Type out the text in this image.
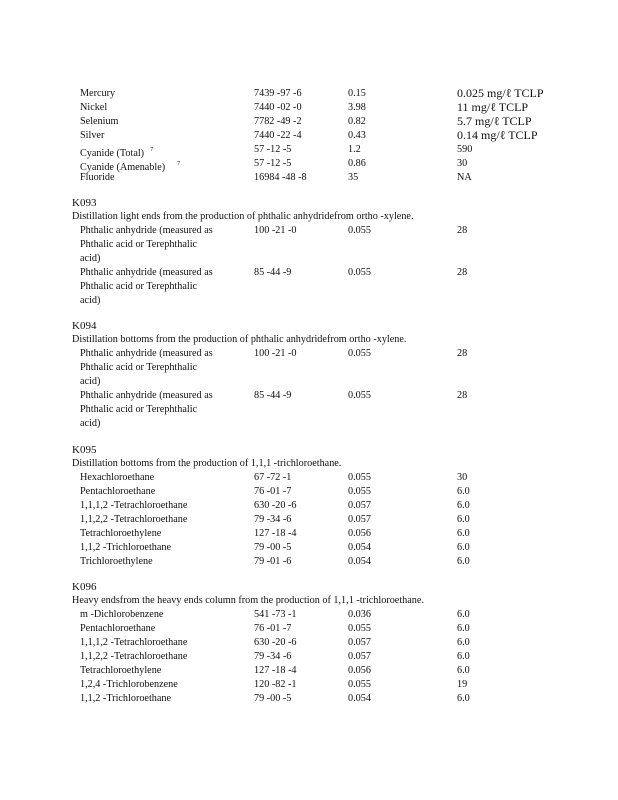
Mercury	7439 -97 -6	0.15	0.025 mg/ℓ TCLP
Nickel	7440 -02 -0	3.98	11 mg/ℓ TCLP
Selenium	7782 -49 -2	0.82	5.7 mg/ℓ TCLP
Silver	7440 -22 -4	0.43	0.14 mg/ℓ TCLP
Cyanide (Total) $^7$	57 -12 -5	1.2	590
Cyanide (Amenable) $^7$	57 -12 -5	0.86	30
Fluoride	16984 -48 -8	35	NA
K093
Distillation light ends from the production of phthalic anhydridefrom ortho -xylene.
Phthalic anhydride (measured as
Phthalic acid or Terephthalic
acid)
100 -21 -0	0.055	28
Phthalic anhydride (measured as
Phthalic acid or Terephthalic
acid)
85 -44 -9	0.055	28
K094
Distillation bottoms from the production of phthalic anhydridefrom ortho -xylene.
Phthalic anhydride (measured as
Phthalic acid or Terephthalic
acid)
100 -21 -0	0.055	28
Phthalic anhydride (measured as
Phthalic acid or Terephthalic
acid)
85 -44 -9	0.055	28
K095
Distillation bottoms from the production of 1,1,1 -trichloroethane.
Hexachloroethane	67 -72 -1	0.055	30
Pentachloroethane	76 -01 -7	0.055	6.0
1,1,1,2 -Tetrachloroethane	630 -20 -6	0.057	6.0
1,1,2,2 -Tetrachloroethane	79 -34 -6	0.057	6.0
Tetrachloroethylene	127 -18 -4	0.056	6.0
1,1,2 -Trichloroethane	79 -00 -5	0.054	6.0
Trichloroethylene	79 -01 -6	0.054	6.0
K096
Heavy endsfrom the heavy ends column from the production of 1,1,1 -trichloroethane.
m -Dichlorobenzene	541 -73 -1	0.036	6.0
Pentachloroethane	76 -01 -7	0.055	6.0
1,1,1,2 -Tetrachloroethane	630 -20 -6	0.057	6.0
1,1,2,2 -Tetrachloroethane	79 -34 -6	0.057	6.0
Tetrachloroethylene	127 -18 -4	0.056	6.0
1,2,4 -Trichlorobenzene	120 -82 -1	0.055	19
1,1,2 -Trichloroethane	79 -00 -5	0.054	6.0
